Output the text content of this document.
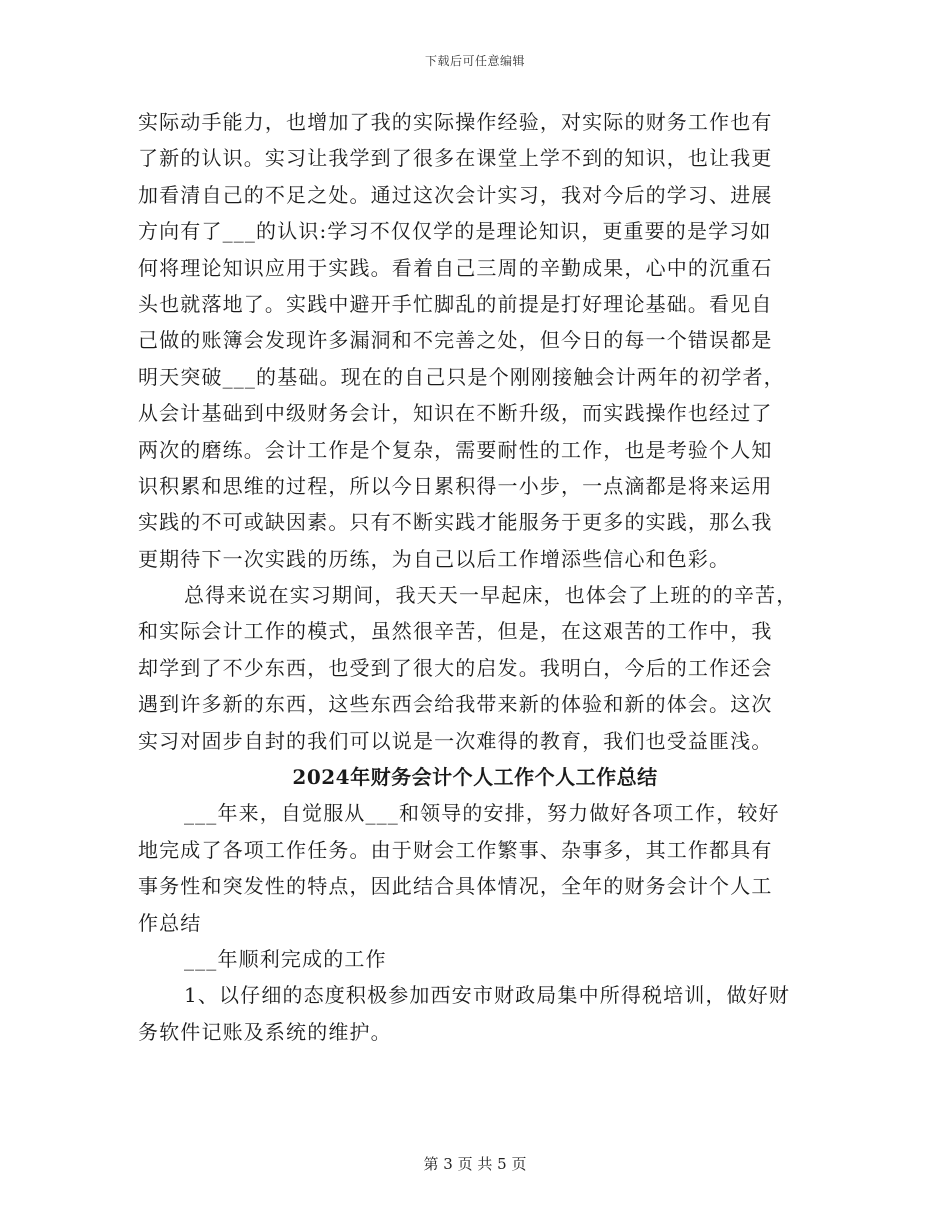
下载后可任意编辑
实际动手能力，也增加了我的实际操作经验，对实际的财务工作也有
了新的认识。实习让我学到了很多在课堂上学不到的知识，也让我更
加看清自己的不足之处。通过这次会计实习，我对今后的学习、进展
方向有了___的认识:学习不仅仅学的是理论知识，更重要的是学习如
何将理论知识应用于实践。看着自己三周的辛勤成果，心中的沉重石
头也就落地了。实践中避开手忙脚乱的前提是打好理论基础。看见自
己做的账簿会发现许多漏洞和不完善之处，但今日的每一个错误都是
明天突破___的基础。现在的自己只是个刚刚接触会计两年的初学者，
从会计基础到中级财务会计，知识在不断升级，而实践操作也经过了
两次的磨练。会计工作是个复杂，需要耐性的工作，也是考验个人知
识积累和思维的过程，所以今日累积得一小步，一点滴都是将来运用
实践的不可或缺因素。只有不断实践才能服务于更多的实践，那么我
更期待下一次实践的历练，为自己以后工作增添些信心和色彩。
总得来说在实习期间，我天天一早起床，也体会了上班的的辛苦，
和实际会计工作的模式，虽然很辛苦，但是，在这艰苦的工作中，我
却学到了不少东西，也受到了很大的启发。我明白，今后的工作还会
遇到许多新的东西，这些东西会给我带来新的体验和新的体会。这次
实习对固步自封的我们可以说是一次难得的教育，我们也受益匪浅。
2024年财务会计个人工作个人工作总结
___年来，自觉服从___和领导的安排，努力做好各项工作，较好
地完成了各项工作任务。由于财会工作繁事、杂事多，其工作都具有
事务性和突发性的特点，因此结合具体情况，全年的财务会计个人工
作总结
___年顺利完成的工作
1、以仔细的态度积极参加西安市财政局集中所得税培训，做好财
务软件记账及系统的维护。
第 3 页 共 5 页
